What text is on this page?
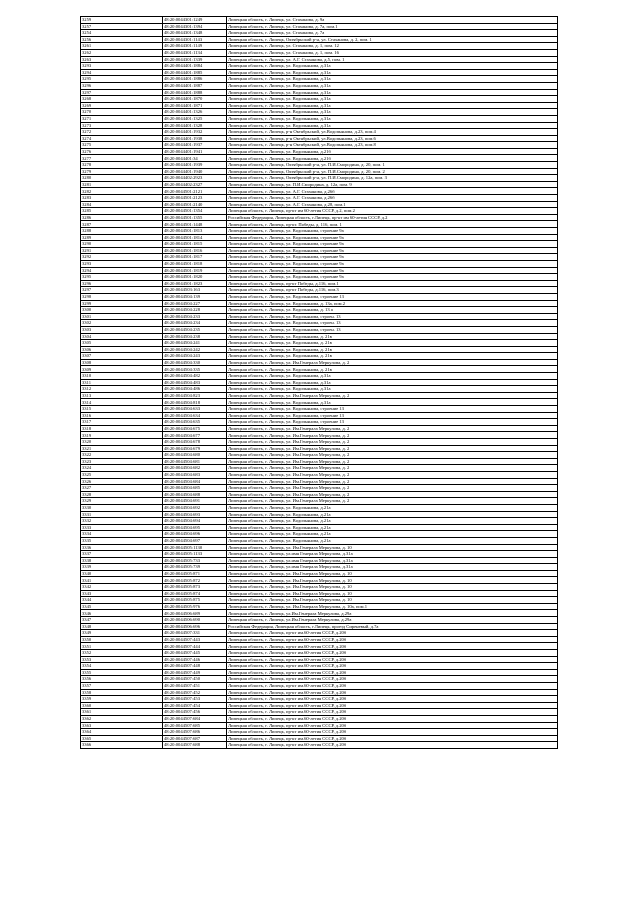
3259	48:20:0044301:1249	Липецкая область, г. Липецк, ул. Стаханова, д. 9а
3257	48:20:0044301:1394	Липецкая область, г. Липецк, ул. Стаханова, д. 7а, пом.1
3254	48:20:0044301:1348	Липецкая область, г. Липецк, ул. Стаханова, д. 7а
3256	48:20:0044301:1143	Липецкая область, г. Липецк, Октябрьский р-н, ул. Стаханова, д. 2, пом. 1
3261	48:20:0044301:1149	Липецкая область, г. Липецк, ул. Стаханова, д. 1, пом. 12
3262	48:20:0044301:1134	Липецкая область, г. Липецк, ул. Стаханова, д. 1, пом. 16
3263	48:20:0044301:1339	Липецкая область, г. Липецк, ул. А.Г. Стаханова, д.5, пом. 1
3293	48:20:0044401:1884	Липецкая область, г. Липецк, ул. Водопьянова, д.31а
3294	48:20:0044401:1885	Липецкая область, г. Липецк, ул. Водопьянова, д.31а
3295	48:20:0044401:1886	Липецкая область, г. Липецк, ул. Водопьянова, д.31а
3296	48:20:0044401:1887	Липецкая область, г. Липецк, ул. Водопьянова, д.31а
3297	48:20:0044401:1888	Липецкая область, г. Липецк, ул. Водопьянова, д.31а
3268	48:20:0044401:1870	Липецкая область, г. Липецк, ул. Водопьянова, д.31а
3269	48:20:0044401:1871	Липецкая область, г. Липецк, ул. Водопьянова, д.31а
3270	48:20:0044401:1326	Липецкая область, г. Липецк, ул. Водопьянова, д.31а
3271	48:20:0044401:1325	Липецкая область, г. Липецк, ул. Водопьянова, д.31а
3273	48:20:0044401:1328	Липецкая область, г. Липецк, ул. Водопьянова, д.31а
3272	48:20:0044401:1932	Липецкая область, г. Липецк, р-н Октябрьский, ул.Водопьянова, д.23, пом.4
3274	48:20:0044401:1938	Липецкая область, г. Липецк, р-н Октябрьский, ул.Водопьянова, д.23, пом.6
3275	48:20:0044401:1937	Липецкая область, г. Липецк, р-н Октябрьский, ул.Водопьянова, д.23, пом.8
3276	48:20:0044401:1941	Липецкая область, г. Липецк, ул. Водопьянова, д.21б
3277	48:20:0044401:34	Липецкая область, г. Липецк, ул. Водопьянова, д.21б
3278	48:20:0044401:1939	Липецкая область, г. Липецк, Октябрьский р-н, ул. П.И.Смородина, д. 20, пом. 1
3279	48:20:0044401:1940	Липецкая область, г. Липецк, Октябрьский р-н, ул. П.И.Смородина, д. 20, пом. 2
3280	48:20:0044402:2923	Липецкая область, г. Липецк, Октябрьский р-н, ул. П.И.Смородина, д. 12а, пом. 3
3281	48:20:0044402:2327	Липецкая область, г. Липецк, ул. П.И.Смородина, д. 12а, пом. 9
3282	48:20:0044501:2121	Липецкая область, г. Липецк, ул. А.Г. Стаханова, д.26б
3283	48:20:0044501:2123	Липецкая область, г. Липецк, ул. А.Г. Стаханова, д.26б
3284	48:20:0044501:2140	Липецкая область, г. Липецк, ул. А.Г. Стаханова, д.28, пом.1
3285	48:20:0044501:1354	Липецкая область, г. Липецк, пр-кт им 60-летия СССР, д.2, пом.2
3286	48:20:0044501:1355	Российская Федерация, Липецкая область, г.Липецк, пр-кт им 60-летия СССР, д.2
3287	48:20:0044501:1448	Липецкая область, г. Липецк, пр-кт. Победы, д. 116, пом. 1
3288	48:20:0044501:1813	Липецкая область, г. Липецк, ул. Водопьянова, строение 9а
3289	48:20:0044501:1814	Липецкая область, г. Липецк, ул. Водопьянова, строение 9а
3290	48:20:0044501:1815	Липецкая область, г. Липецк, ул. Водопьянова, строение 9а
3291	48:20:0044501:1816	Липецкая область, г. Липецк, ул. Водопьянова, строение 9а
3292	48:20:0044501:1817	Липецкая область, г. Липецк, ул. Водопьянова, строение 9а
3293	48:20:0044501:1818	Липецкая область, г. Липецк, ул. Водопьянова, строение 9а
3294	48:20:0044501:1819	Липецкая область, г. Липецк, ул. Водопьянова, строение 9а
3295	48:20:0044501:1820	Липецкая область, г. Липецк, ул. Водопьянова, строение 9а
3296	48:20:0044501:1823	Липецкая область, г. Липецк, пр-кт Победы, д.116, пом.1
3297	48:20:0044503:163	Липецкая область, г. Липецк, пр-кт Победы, д.116, пом.3
3298	48:20:0044504:139	Липецкая область, г. Липецк, ул. Водопьянова, строение 13
3299	48:20:0044504:227	Липецкая область, г. Липецк, ул. Водопьянова, д. 13а, пом.2
3300	48:20:0044504:228	Липецкая область, г. Липецк, ул. Водопьянова, д. 13 а
3301	48:20:0044504:233	Липецкая область, г. Липецк, ул. Водопьянова, строен. 13
3302	48:20:0044504:234	Липецкая область, г. Липецк, ул. Водопьянова, строен. 13
3303	48:20:0044504:235	Липецкая область, г. Липецк, ул. Водопьянова, строен. 13
3304	48:20:0044504:238	Липецкая область, г. Липецк, ул. Водопьянова, д. 21в
3305	48:20:0044504:241	Липецкая область, г. Липецк, ул. Водопьянова, д. 21в
3306	48:20:0044504:242	Липецкая область, г. Липецк, ул. Водопьянова, д. 21в
3307	48:20:0044504:243	Липецкая область, г. Липецк, ул. Водопьянова, д. 21в
3308	48:20:0044504:330	Липецкая область, г. Липецк, ул. Им.Генерала Меркулова, д. 2
3309	48:20:0044504:335	Липецкая область, г. Липецк, ул. Водопьянова, д. 21в
3310	48:20:0044504:482	Липецкая область, г. Липецк, ул. Водопьянова, д.31а
3311	48:20:0044504:483	Липецкая область, г. Липецк, ул. Водопьянова, д.31а
3312	48:20:0044504:486	Липецкая область, г. Липецк, ул. Водопьянова, д.31а
3313	48:20:0044504:823	Липецкая область, г. Липецк, ул. Им.Генерала Меркулова, д. 2
3314	48:20:0044504:818	Липецкая область, г. Липецк, ул. Водопьянова, д.31а
3315	48:20:0044504:633	Липецкая область, г. Липецк, ул. Водопьянова, строение 13
3316	48:20:0044504:634	Липецкая область, г. Липецк, ул. Водопьянова, строение 13
3317	48:20:0044504:635	Липецкая область, г. Липецк, ул. Водопьянова, строение 13
3318	48:20:0044504:675	Липецкая область, г. Липецк, ул. Им.Генерала Меркулова, д. 2
3319	48:20:0044504:677	Липецкая область, г. Липецк, ул. Им.Генерала Меркулова, д. 2
3320	48:20:0044504:678	Липецкая область, г. Липецк, ул. Им.Генерала Меркулова, д. 2
3321	48:20:0044504:679	Липецкая область, г. Липецк, ул. Им.Генерала Меркулова, д. 2
3322	48:20:0044504:680	Липецкая область, г. Липецк, ул. Им.Генерала Меркулова, д. 2
3323	48:20:0044504:681	Липецкая область, г. Липецк, ул. Им.Генерала Меркулова, д. 2
3324	48:20:0044504:682	Липецкая область, г. Липецк, ул. Им.Генерала Меркулова, д. 2
3325	48:20:0044504:683	Липецкая область, г. Липецк, ул. Им.Генерала Меркулова, д. 2
3326	48:20:0044504:684	Липецкая область, г. Липецк, ул. Им.Генерала Меркулова, д. 2
3327	48:20:0044504:685	Липецкая область, г. Липецк, ул. Им.Генерала Меркулова, д. 2
3328	48:20:0044504:688	Липецкая область, г. Липецк, ул. Им.Генерала Меркулова, д. 2
3329	48:20:0044504:691	Липецкая область, г. Липецк, ул. Им.Генерала Меркулова, д. 2
3330	48:20:0044504:692	Липецкая область, г. Липецк, ул. Водопьянова, д.21а
3331	48:20:0044504:693	Липецкая область, г. Липецк, ул. Водопьянова, д.21а
3332	48:20:0044504:694	Липецкая область, г. Липецк, ул. Водопьянова, д.21а
3333	48:20:0044504:695	Липецкая область, г. Липецк, ул. Водопьянова, д.21а
3334	48:20:0044504:696	Липецкая область, г. Липецк, ул. Водопьянова, д.21а
3335	48:20:0044504:697	Липецкая область, г. Липецк, ул. Водопьянова, д.21а
3336	48:20:0044505:1130	Липецкая область, г. Липецк, ул. Им.Генерала Меркулова, д. 10
3337	48:20:0044505:1133	Липецкая область, г. Липецк, ул.имя Генерала Меркулова, д.31а
3338	48:20:0044505:733	Липецкая область, г. Липецк, ул.имя Генерала Меркулова, д.31а
3339	48:20:0044505:739	Липецкая область, г. Липецк, ул.имя Генерала Меркулова, д.31а
3340	48:20:0044505:871	Липецкая область, г. Липецк, ул. Им.Генерала Меркулова, д. 10
3341	48:20:0044505:872	Липецкая область, г. Липецк, ул. Им.Генерала Меркулова, д. 10
3342	48:20:0044505:873	Липецкая область, г. Липецк, ул. Им.Генерала Меркулова, д. 10
3343	48:20:0044505:874	Липецкая область, г. Липецк, ул. Им.Генерала Меркулова, д. 10
3344	48:20:0044505:875	Липецкая область, г. Липецк, ул. Им.Генерала Меркулова, д. 10
3345	48:20:0044505:976	Липецкая область, г. Липецк, ул. Им.Генерала Меркулова, д. 10а, пом.1
3346	48:20:0044506:689	Липецкая область, г. Липецк, ул.Им.Генерала Меркулова, д.29а
3347	48:20:0044506:690	Липецкая область, г. Липецк, ул.Им.Генерала Меркулова, д.29а
3348	48:20:0044506:696	Российская Федерация, Липецкая область, г.Липецк, проезд Сиреневый, д.7а
3349	48:20:0044507:331	Липецкая область, г. Липецк, пр-кт им.60-летия СССР, д.20б
3350	48:20:0044507:443	Липецкая область, г. Липецк, пр-кт им.60-летия СССР, д.20б
3351	48:20:0044507:444	Липецкая область, г. Липецк, пр-кт им.60-летия СССР, д.20б
3352	48:20:0044507:445	Липецкая область, г. Липецк, пр-кт им.60-летия СССР, д.20б
3353	48:20:0044507:446	Липецкая область, г. Липецк, пр-кт им.60-летия СССР, д.20б
3354	48:20:0044507:448	Липецкая область, г. Липецк, пр-кт им.60-летия СССР, д.20б
3355	48:20:0044507:449	Липецкая область, г. Липецк, пр-кт им.60-летия СССР, д.20б
3356	48:20:0044507:450	Липецкая область, г. Липецк, пр-кт им.60-летия СССР, д.20б
3357	48:20:0044507:451	Липецкая область, г. Липецк, пр-кт им.60-летия СССР, д.20б
3358	48:20:0044507:452	Липецкая область, г. Липецк, пр-кт им.60-летия СССР, д.20б
3359	48:20:0044507:453	Липецкая область, г. Липецк, пр-кт им.60-летия СССР, д.20б
3360	48:20:0044507:454	Липецкая область, г. Липецк, пр-кт им.60-летия СССР, д.20б
3361	48:20:0044507:456	Липецкая область, г. Липецк, пр-кт им.60-летия СССР, д.20б
3362	48:20:0044507:684	Липецкая область, г. Липецк, пр-кт им.60-летия СССР, д.20б
3363	48:20:0044507:685	Липецкая область, г. Липецк, пр-кт им.60-летия СССР, д.20б
3364	48:20:0044507:686	Липецкая область, г. Липецк, пр-кт им.60-летия СССР, д.20б
3365	48:20:0044507:687	Липецкая область, г. Липецк, пр-кт им.60-летия СССР, д.20б
3366	48:20:0044507:688	Липецкая область, г. Липецк, пр-кт им.60-летия СССР, д.20б
